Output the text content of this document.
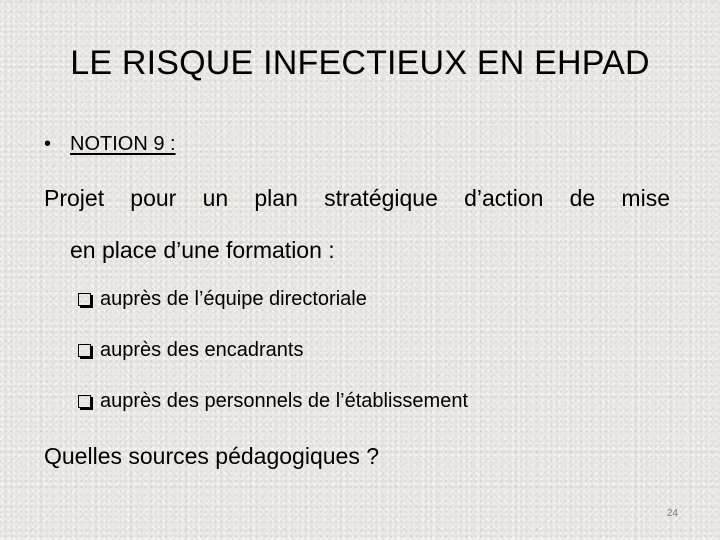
LE RISQUE INFECTIEUX EN EHPAD
• NOTION 9 :
Projet pour un plan stratégique d’action de mise
en place d’une formation :
auprès de l’équipe directoriale
auprès des encadrants
auprès des personnels de l’établissement
Quelles sources pédagogiques ?
24
